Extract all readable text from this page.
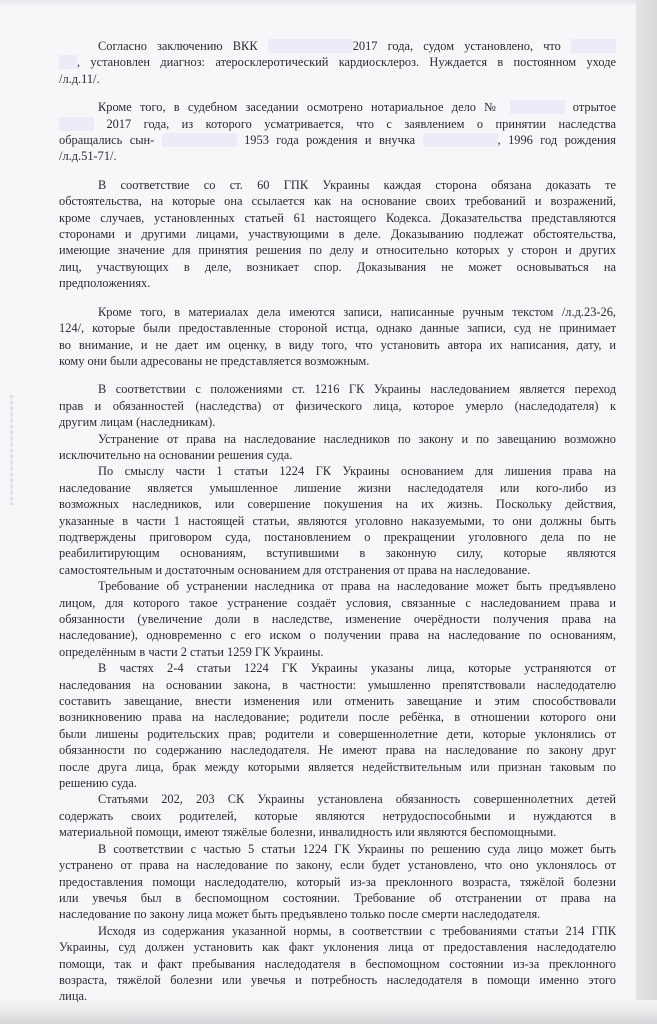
Согласно заключению ВКК	2017 года, судом установлено, что
, установлен диагноз: атеросклеротический кардиосклероз. Нуждается в постоянном уходе
/л.д.11/.
Кроме того, в судебном заседании осмотрено нотариальное дело №	отрытое
2017 года, из которого усматривается, что с заявлением о принятии наследства
обращались сын-	1953 года рождения и внучка	, 1996 год рождения
/л.д.51-71/.
В соответствие со ст. 60 ГПК Украины каждая сторона обязана доказать те
обстоятельства, на которые она ссылается как на основание своих требований и возражений,
кроме случаев, установленных статьей 61 настоящего Кодекса. Доказательства представляются
сторонами и другими лицами, участвующими в деле. Доказыванию подлежат обстоятельства,
имеющие значение для принятия решения по делу и относительно которых у сторон и других
лиц, участвующих в деле, возникает спор. Доказывания не может основываться на
предположениях.
Кроме того, в материалах дела имеются записи, написанные ручным текстом /л.д.23-26,
124/, которые были предоставленные стороной истца, однако данные записи, суд не принимает
во внимание, и не дает им оценку, в виду того, что установить автора их написания, дату, и
кому они были адресованы не представляется возможным.
В соответствии с положениями ст. 1216 ГК Украины наследованием является переход
прав и обязанностей (наследства) от физического лица, которое умерло (наследодателя) к
другим лицам (наследникам).
Устранение от права на наследование наследников по закону и по завещанию возможно
исключительно на основании решения суда.
По смыслу части 1 статьи 1224 ГК Украины основанием для лишения права на
наследование является умышленное лишение жизни наследодателя или кого-либо из
возможных наследников, или совершение покушения на их жизнь. Поскольку действия,
указанные в части 1 настоящей статьи, являются уголовно наказуемыми, то они должны быть
подтверждены приговором суда, постановлением о прекращении уголовного дела по не
реабилитирующим основаниям, вступившими в законную силу, которые являются
самостоятельным и достаточным основанием для отстранения от права на наследование.
Требование об устранении наследника от права на наследование может быть предъявлено
лицом, для которого такое устранение создаёт условия, связанные с наследованием права и
обязанности (увеличение доли в наследстве, изменение очерёдности получения права на
наследование), одновременно с его иском о получении права на наследование по основаниям,
определённым в части 2 статьи 1259 ГК Украины.
В частях 2-4 статьи 1224 ГК Украины указаны лица, которые устраняются от
наследования на основании закона, в частности: умышленно препятствовали наследодателю
составить завещание, внести изменения или отменить завещание и этим способствовали
возникновению права на наследование; родители после ребёнка, в отношении которого они
были лишены родительских прав; родители и совершеннолетние дети, которые уклонялись от
обязанности по содержанию наследодателя. Не имеют права на наследование по закону друг
после друга лица, брак между которыми является недействительным или признан таковым по
решению суда.
Статьями 202, 203 СК Украины установлена обязанность совершеннолетних детей
содержать своих родителей, которые являются нетрудоспособными и нуждаются в
материальной помощи, имеют тяжёлые болезни, инвалидность или являются беспомощными.
В соответствии с частью 5 статьи 1224 ГК Украины по решению суда лицо может быть
устранено от права на наследование по закону, если будет установлено, что оно уклонялось от
предоставления помощи наследодателю, который из-за преклонного возраста, тяжёлой болезни
или увечья был в беспомощном состоянии. Требование об отстранении от права на
наследование по закону лица может быть предъявлено только после смерти наследодателя.
Исходя из содержания указанной нормы, в соответствии с требованиями статьи 214 ГПК
Украины, суд должен установить как факт уклонения лица от предоставления наследодателю
помощи, так и факт пребывания наследодателя в беспомощном состоянии из-за преклонного
возраста, тяжёлой болезни или увечья и потребность наследодателя в помощи именно этого
лица.
